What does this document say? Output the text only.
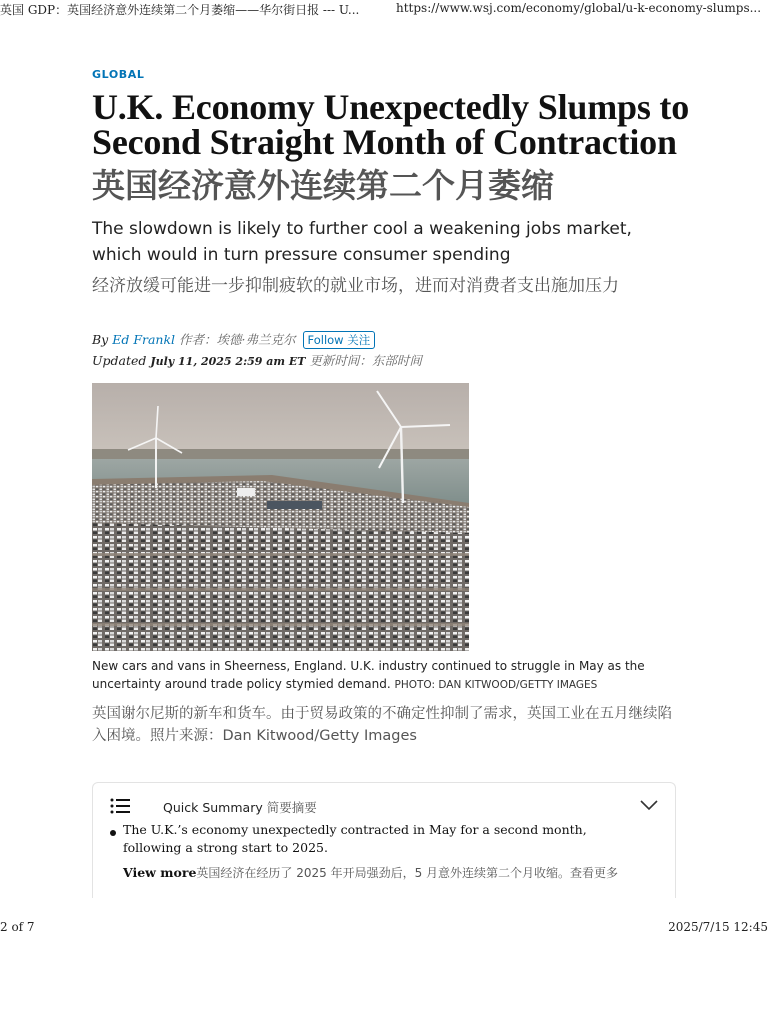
英国 GDP：英国经济意外连续第二个月萎缩——华尔街日报 --- U...	https://www.wsj.com/economy/global/u-k-economy-slumps...
GLOBAL
U.K. Economy Unexpectedly Slumps to Second Straight Month of Contraction
英国经济意外连续第二个月萎缩

The slowdown is likely to further cool a weakening jobs market, which would in turn pressure consumer spending

经济放缓可能进一步抑制疲软的就业市场，进而对消费者支出施加压力

By Ed Frankl 作者：埃德·弗兰克尔 Follow 关注
Updated July 11, 2025 2:59 am ET 更新时间：东部时间

New cars and vans in Sheerness, England. U.K. industry continued to struggle in May as the uncertainty around trade policy stymied demand. PHOTO: DAN KITWOOD/GETTY IMAGES

英国谢尔尼斯的新车和货车。由于贸易政策的不确定性抑制了需求，英国工业在五月继续陷入困境。照片来源：Dan Kitwood/Getty Images

Quick Summary 简要摘要

The U.K.’s economy unexpectedly contracted in May for a second month, following a strong start to 2025.

View more英国经济在经历了 2025 年开局强劲后，5 月意外连续第二个月收缩。查看更多
2 of 7	2025/7/15 12:45
